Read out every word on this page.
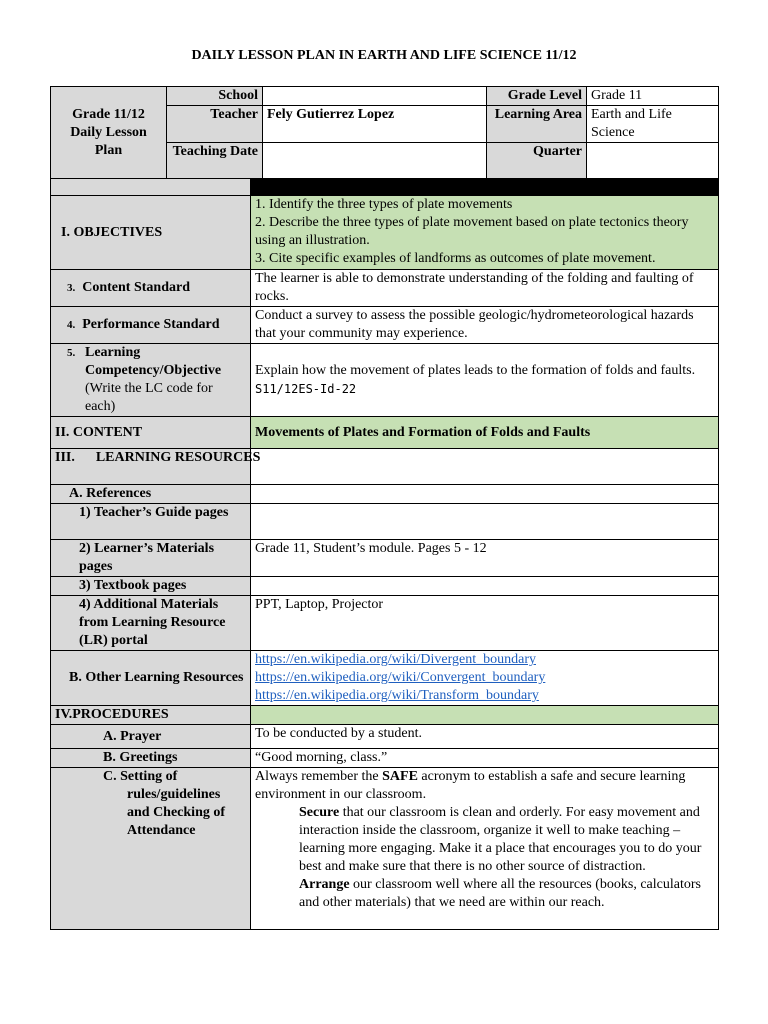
DAILY LESSON PLAN IN EARTH AND LIFE SCIENCE 11/12
Grade 11/12 Daily Lesson Plan	School		Grade Level	Grade 11
	Teacher	Fely Gutierrez Lopez	Learning Area	Earth and Life Science
	Teaching Date		Quarter	

I. OBJECTIVES	1. Identify the three types of plate movements
2. Describe the three types of plate movement based on plate tectonics theory using an illustration.
3. Cite specific examples of landforms as outcomes of plate movement.

3. Content Standard	The learner is able to demonstrate understanding of the folding and faulting of rocks.
4. Performance Standard	Conduct a survey to assess the possible geologic/hydrometeorological hazards that your community may experience.

5. Learning Competency/Objective
(Write the LC code for each)	Explain how the movement of plates leads to the formation of folds and faults. S11/12ES-Id-22
II. CONTENT	Movements of Plates and Formation of Folds and Faults

III.      LEARNING RESOURCES	

A. References	
1) Teacher’s Guide pages	
2) Learner’s Materials pages	Grade 11, Student’s module. Pages 5 - 12
3) Textbook pages	
4) Additional Materials from Learning Resource (LR) portal	PPT, Laptop, Projector
B. Other Learning Resources	https://en.wikipedia.org/wiki/Divergent_boundary
https://en.wikipedia.org/wiki/Convergent_boundary
https://en.wikipedia.org/wiki/Transform_boundary

IV.PROCEDURES	
A. Prayer	To be conducted by a student.
B. Greetings	“Good morning, class.”

C. Setting of rules/guidelines and Checking of Attendance	Always remember the SAFE acronym to establish a safe and secure learning environment in our classroom.
Secure that our classroom is clean and orderly. For easy movement and interaction inside the classroom, organize it well to make teaching –learning more engaging. Make it a place that encourages you to do your best and make sure that there is no other source of distraction.
Arrange our classroom well where all the resources (books, calculators and other materials) that we need are within our reach.
